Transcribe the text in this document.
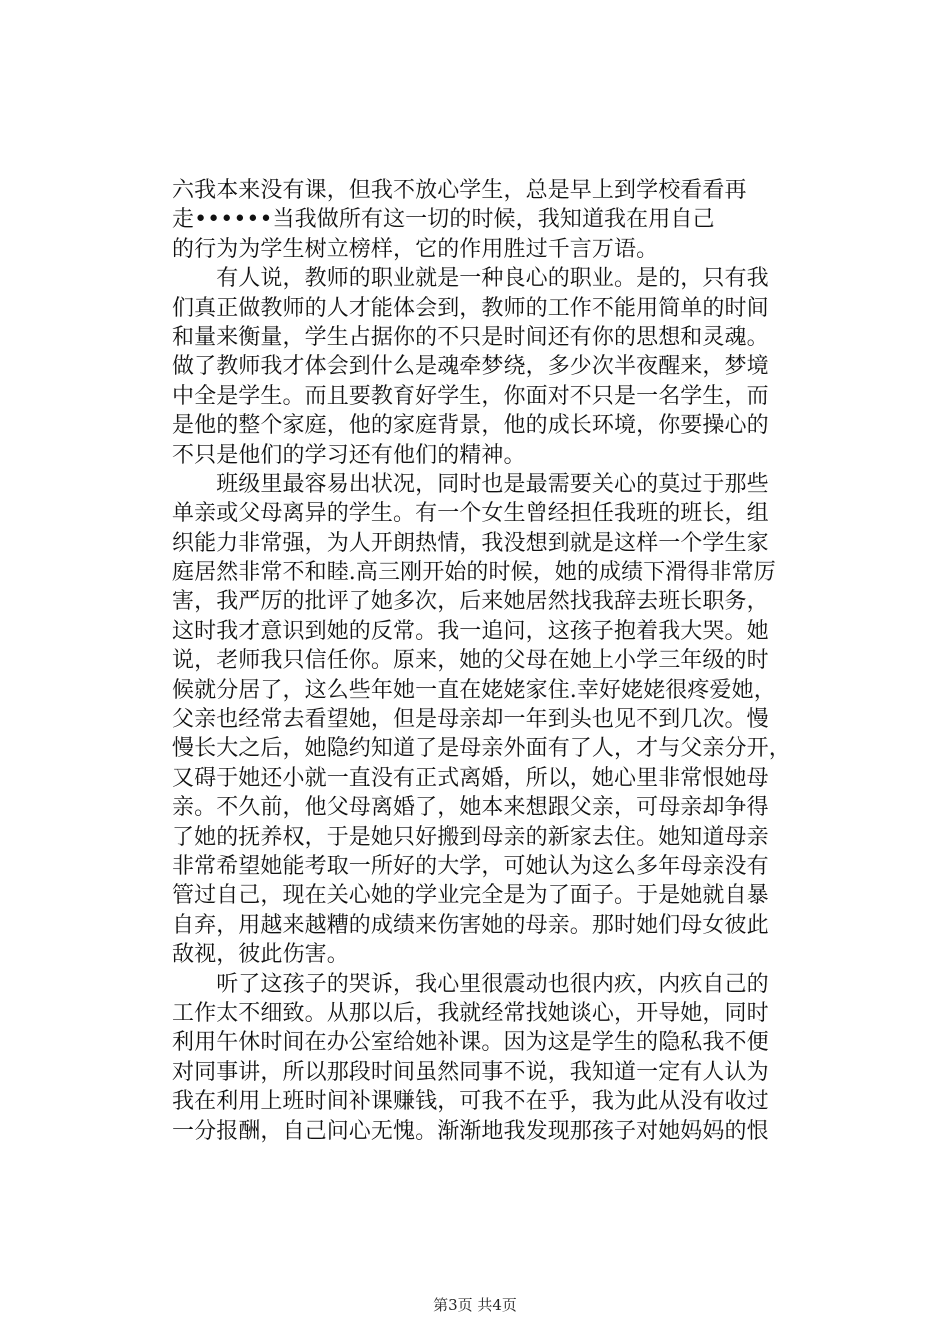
六我本来没有课，但我不放心学生，总是早上到学校看看再
走••••••当我做所有这一切的时候，我知道我在用自己
的行为为学生树立榜样，它的作用胜过千言万语。
　　有人说，教师的职业就是一种良心的职业。是的，只有我
们真正做教师的人才能体会到，教师的工作不能用简单的时间
和量来衡量，学生占据你的不只是时间还有你的思想和灵魂。
做了教师我才体会到什么是魂牵梦绕，多少次半夜醒来，梦境
中全是学生。而且要教育好学生，你面对不只是一名学生，而
是他的整个家庭，他的家庭背景，他的成长环境，你要操心的
不只是他们的学习还有他们的精神。
　　班级里最容易出状况，同时也是最需要关心的莫过于那些
单亲或父母离异的学生。有一个女生曾经担任我班的班长，组
织能力非常强，为人开朗热情，我没想到就是这样一个学生家
庭居然非常不和睦.高三刚开始的时候，她的成绩下滑得非常厉
害，我严厉的批评了她多次，后来她居然找我辞去班长职务，
这时我才意识到她的反常。我一追问，这孩子抱着我大哭。她
说，老师我只信任你。原来，她的父母在她上小学三年级的时
候就分居了，这么些年她一直在姥姥家住.幸好姥姥很疼爱她，
父亲也经常去看望她，但是母亲却一年到头也见不到几次。慢
慢长大之后，她隐约知道了是母亲外面有了人，才与父亲分开，
又碍于她还小就一直没有正式离婚，所以，她心里非常恨她母
亲。不久前，他父母离婚了，她本来想跟父亲，可母亲却争得
了她的抚养权，于是她只好搬到母亲的新家去住。她知道母亲
非常希望她能考取一所好的大学，可她认为这么多年母亲没有
管过自己，现在关心她的学业完全是为了面子。于是她就自暴
自弃，用越来越糟的成绩来伤害她的母亲。那时她们母女彼此
敌视，彼此伤害。
　　听了这孩子的哭诉，我心里很震动也很内疚，内疚自己的
工作太不细致。从那以后，我就经常找她谈心，开导她，同时
利用午休时间在办公室给她补课。因为这是学生的隐私我不便
对同事讲，所以那段时间虽然同事不说，我知道一定有人认为
我在利用上班时间补课赚钱，可我不在乎，我为此从没有收过
一分报酬，自己问心无愧。渐渐地我发现那孩子对她妈妈的恨
第3页 共4页
